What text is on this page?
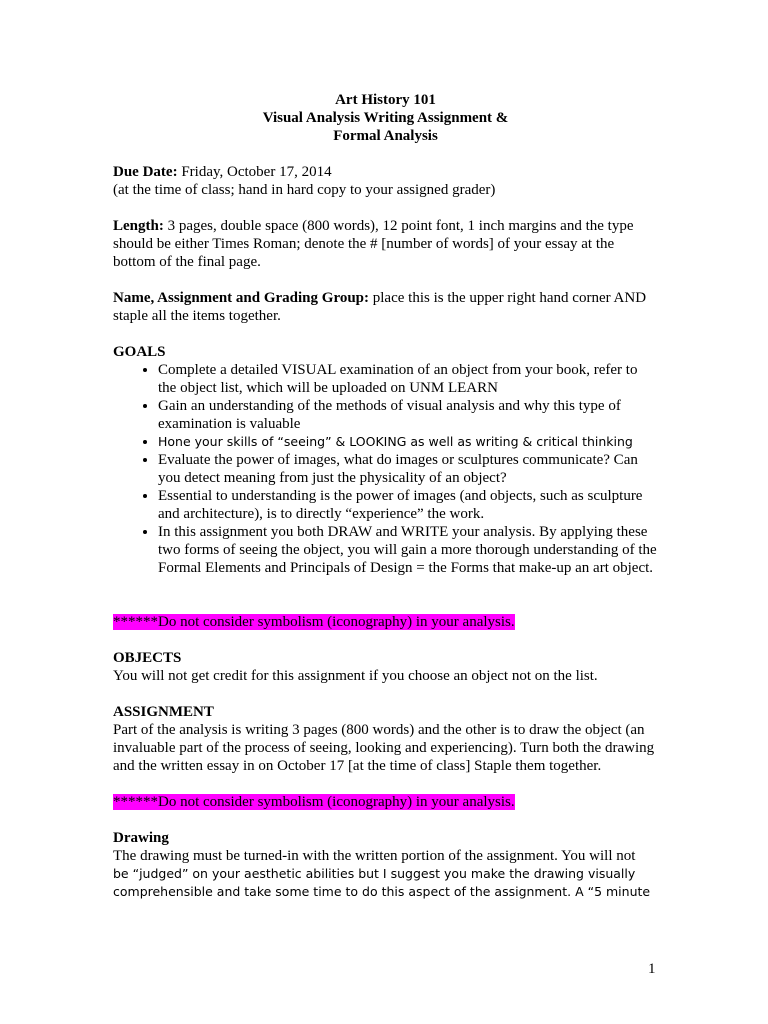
Art History 101
Visual Analysis Writing Assignment &
Formal Analysis

Due Date: Friday, October 17, 2014
(at the time of class; hand in hard copy to your assigned grader)

Length: 3 pages, double space (800 words), 12 point font, 1 inch margins and the type should be either Times Roman; denote the # [number of words] of your essay at the bottom of the final page.

Name, Assignment and Grading Group: place this is the upper right hand corner AND staple all the items together.

GOALS
• Complete a detailed VISUAL examination of an object from your book, refer to the object list, which will be uploaded on UNM LEARN
• Gain an understanding of the methods of visual analysis and why this type of examination is valuable
• Hone your skills of “seeing” & LOOKING as well as writing & critical thinking
• Evaluate the power of images, what do images or sculptures communicate? Can you detect meaning from just the physicality of an object?
• Essential to understanding is the power of images (and objects, such as sculpture and architecture), is to directly “experience” the work.
• In this assignment you both DRAW and WRITE your analysis. By applying these two forms of seeing the object, you will gain a more thorough understanding of the Formal Elements and Principals of Design = the Forms that make-up an art object.
******Do not consider symbolism (iconography) in your analysis.
OBJECTS

You will not get credit for this assignment if you choose an object not on the list.

ASSIGNMENT

Part of the analysis is writing 3 pages (800 words) and the other is to draw the object (an invaluable part of the process of seeing, looking and experiencing). Turn both the drawing and the written essay in on October 17 [at the time of class] Staple them together.

******Do not consider symbolism (iconography) in your analysis.
Drawing
The drawing must be turned-in with the written portion of the assignment. You will not
be “judged” on your aesthetic abilities but I suggest you make the drawing visually
comprehensible and take some time to do this aspect of the assignment. A “5 minute
1
